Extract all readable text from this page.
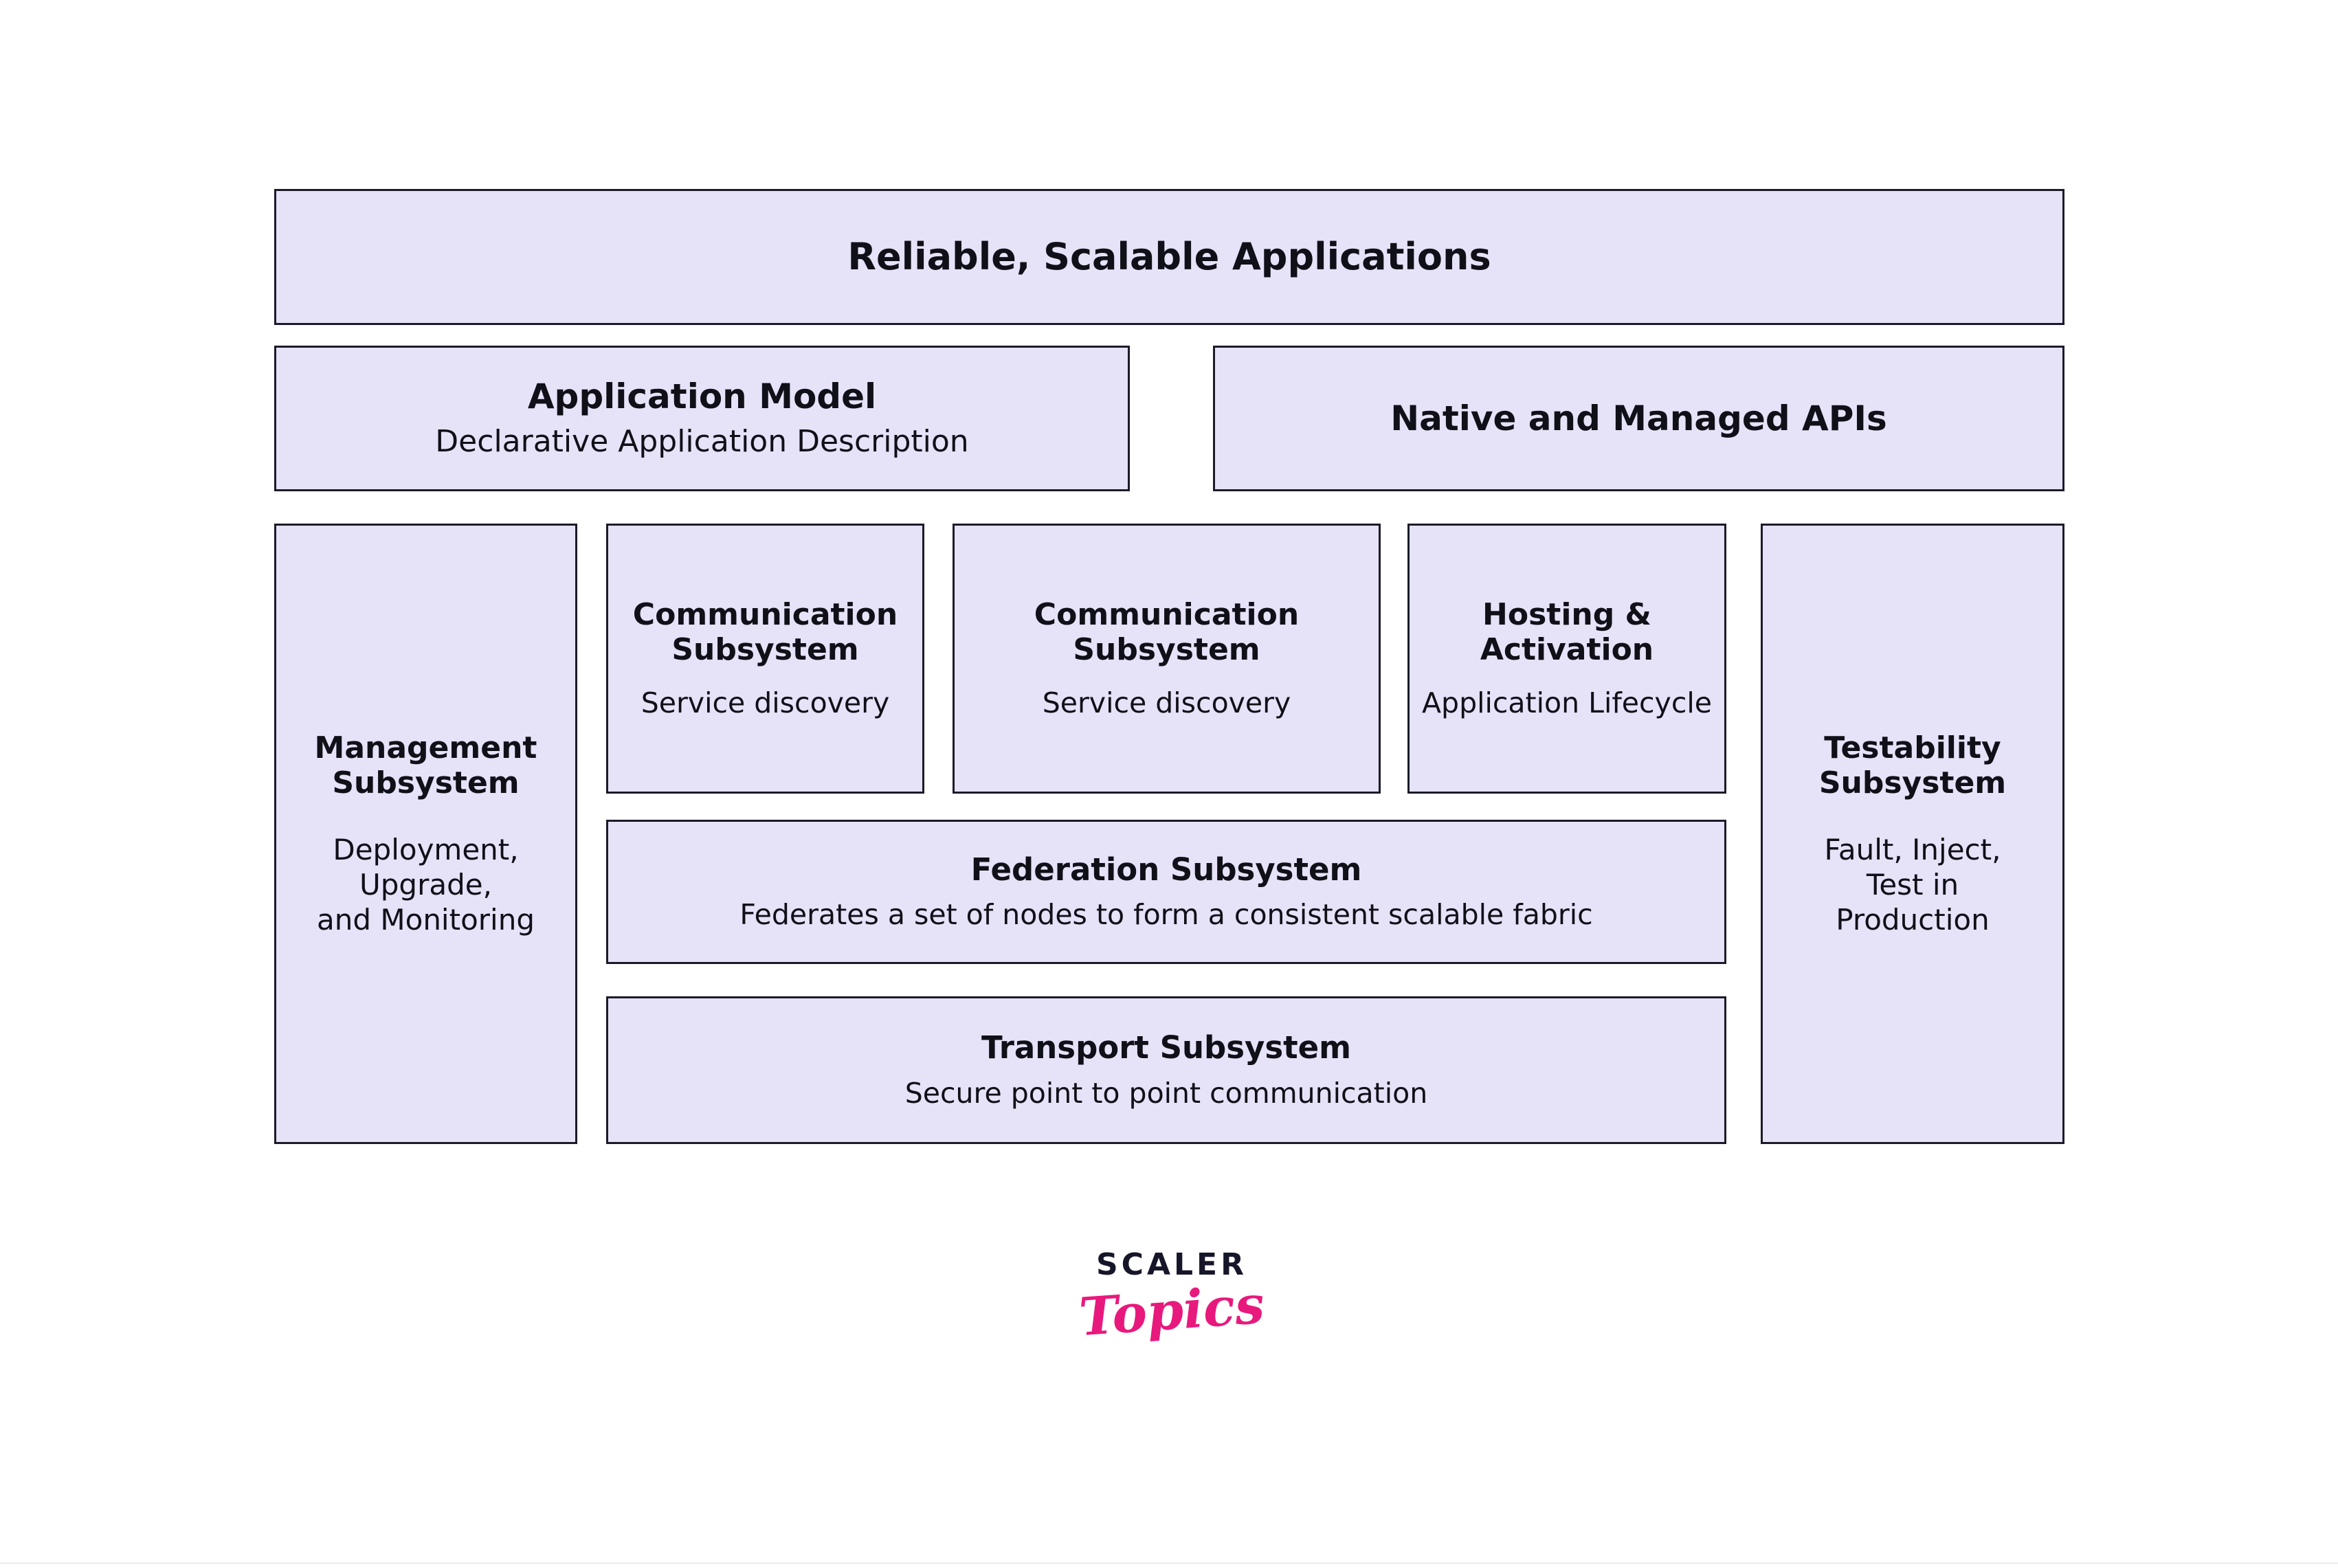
Reliable, Scalable Applications
Application Model
Declarative Application Description
Native and Managed APIs
Management
Subsystem
Deployment,
Upgrade,
and Monitoring
Communication
Subsystem
Service discovery
Communication
Subsystem
Service discovery
Hosting &
Activation
Application Lifecycle
Testability
Subsystem
Fault, Inject,
Test in
Production
Federation Subsystem
Federates a set of nodes to form a consistent scalable fabric
Transport Subsystem
Secure point to point communication
SCALER
Topics
